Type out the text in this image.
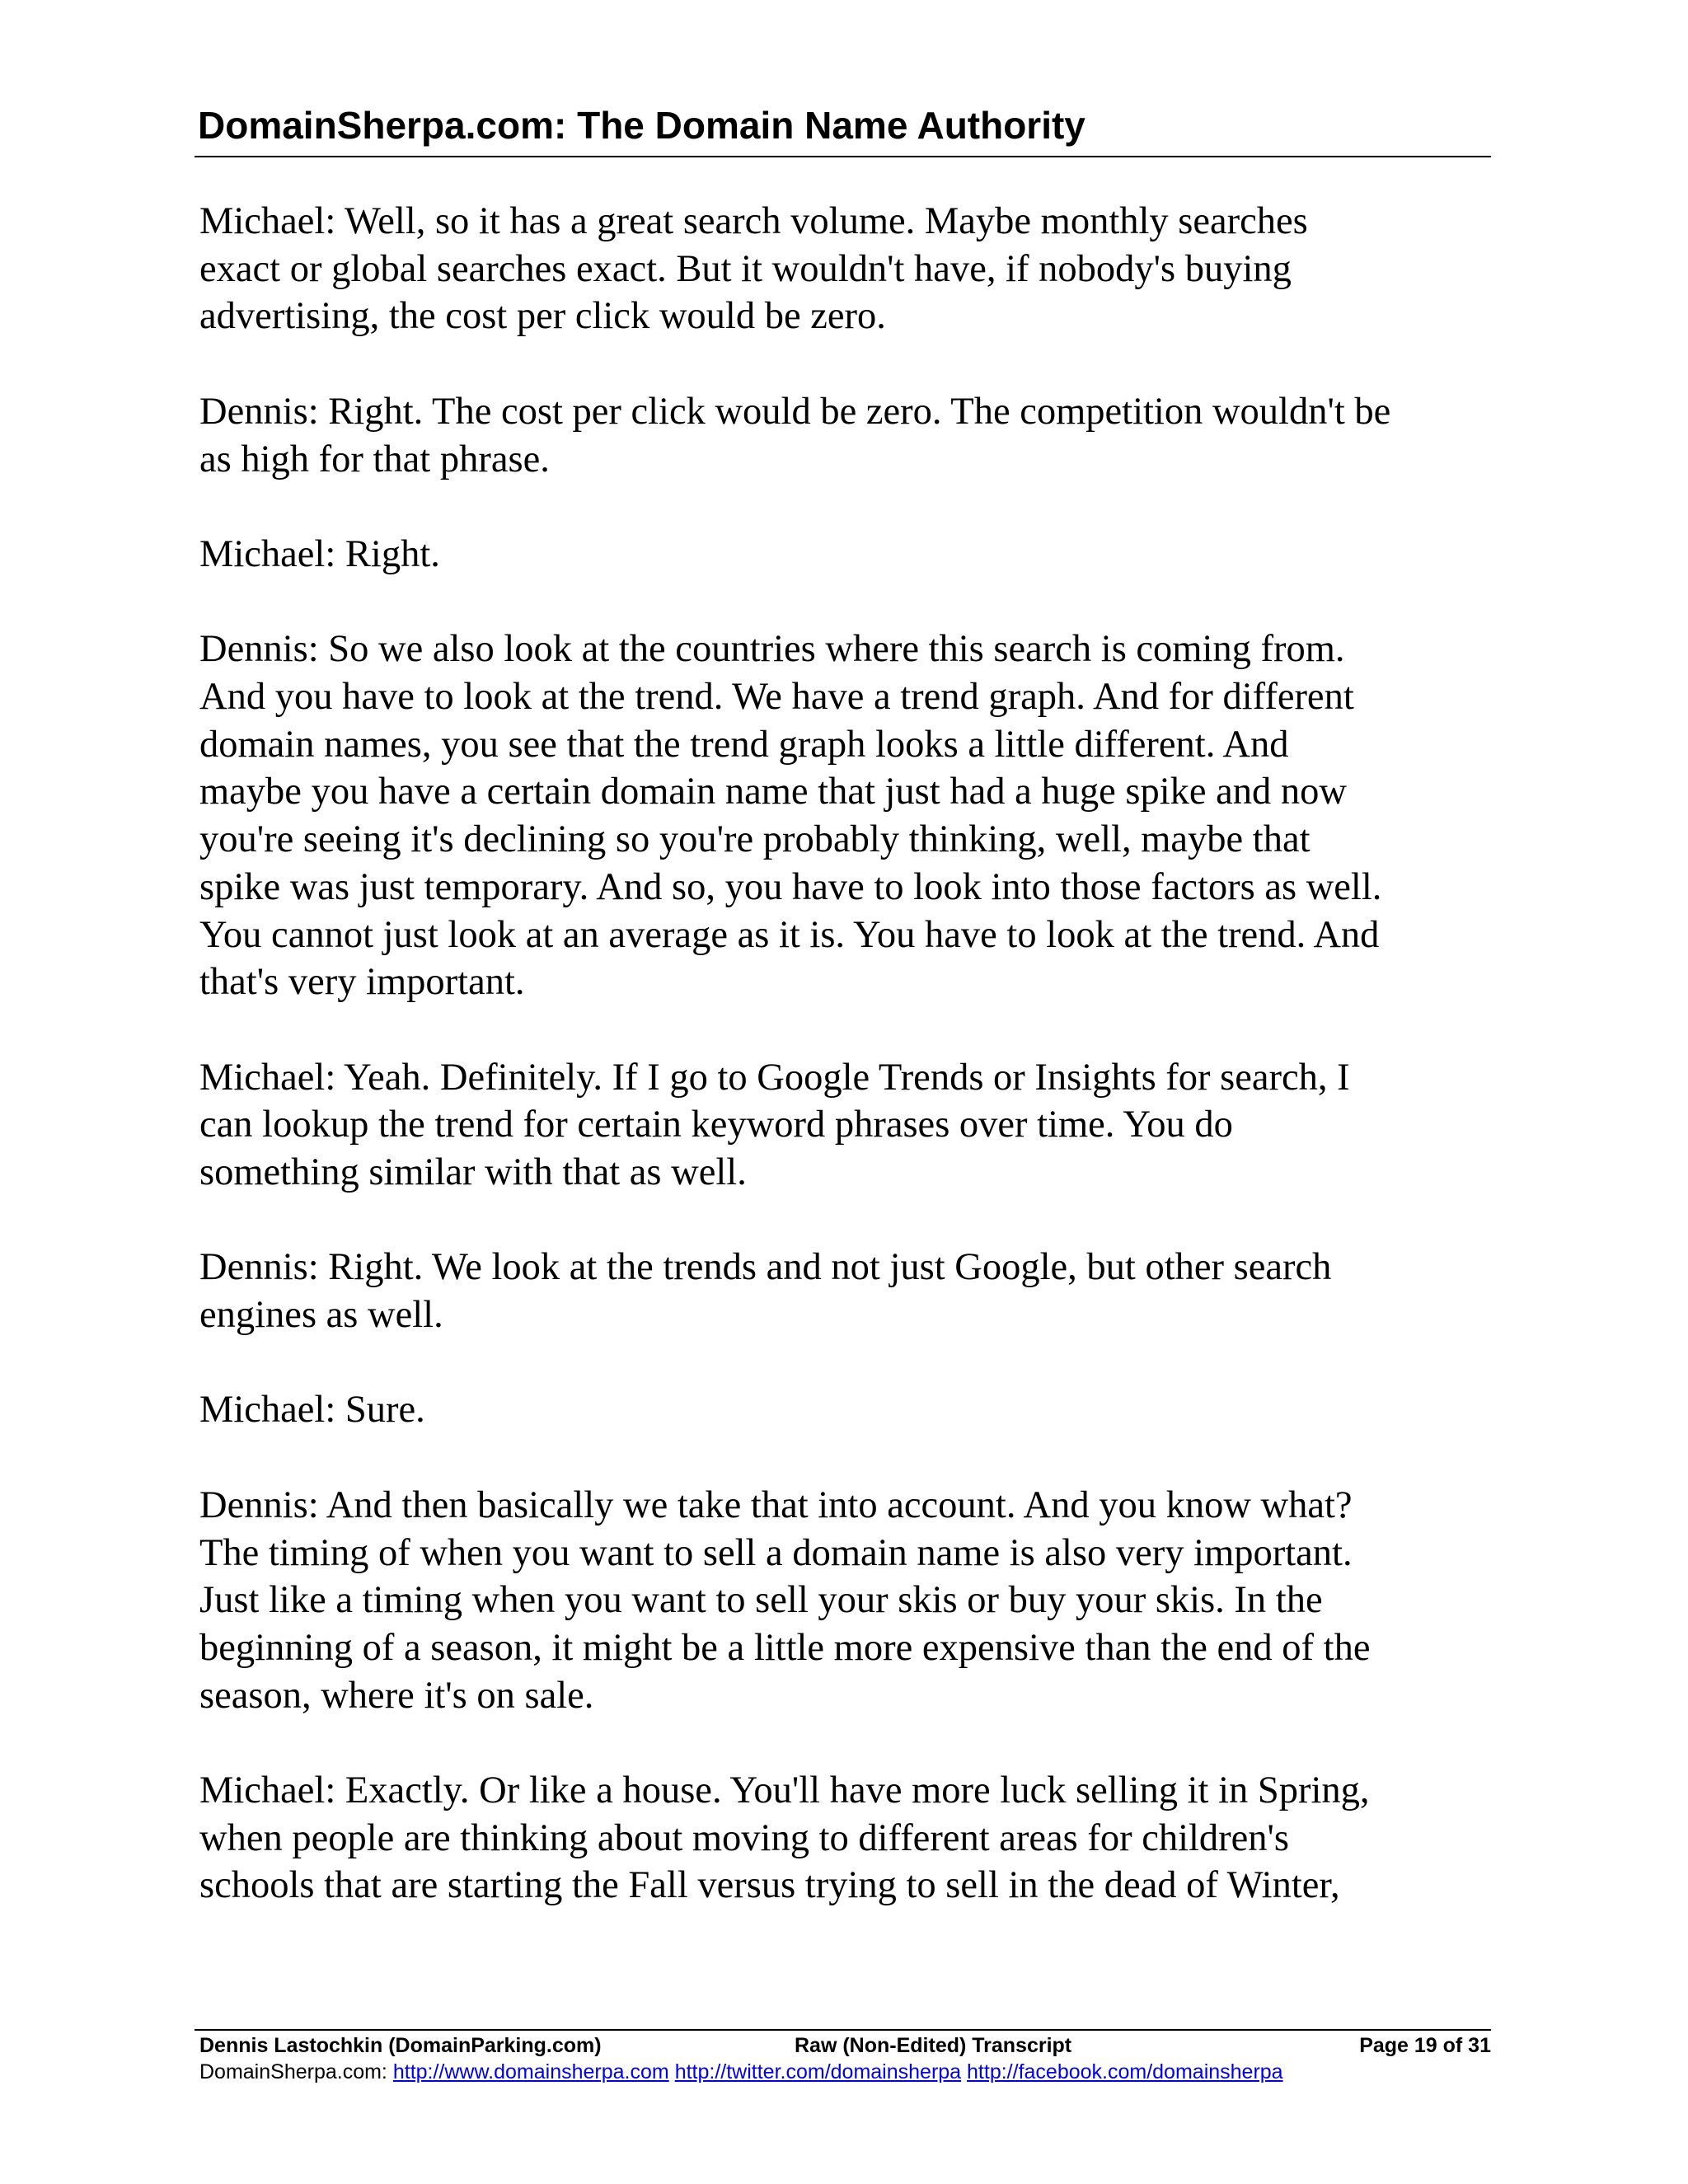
DomainSherpa.com: The Domain Name Authority

Michael: Well, so it has a great search volume. Maybe monthly searches
exact or global searches exact. But it wouldn't have, if nobody's buying
advertising, the cost per click would be zero.

Dennis: Right. The cost per click would be zero. The competition wouldn't be
as high for that phrase.

Michael: Right.

Dennis: So we also look at the countries where this search is coming from.
And you have to look at the trend. We have a trend graph. And for different
domain names, you see that the trend graph looks a little different. And
maybe you have a certain domain name that just had a huge spike and now
you're seeing it's declining so you're probably thinking, well, maybe that
spike was just temporary. And so, you have to look into those factors as well.
You cannot just look at an average as it is. You have to look at the trend. And
that's very important.

Michael: Yeah. Definitely. If I go to Google Trends or Insights for search, I
can lookup the trend for certain keyword phrases over time. You do
something similar with that as well.

Dennis: Right. We look at the trends and not just Google, but other search
engines as well.

Michael: Sure.

Dennis: And then basically we take that into account. And you know what?
The timing of when you want to sell a domain name is also very important.
Just like a timing when you want to sell your skis or buy your skis. In the
beginning of a season, it might be a little more expensive than the end of the
season, where it's on sale.

Michael: Exactly. Or like a house. You'll have more luck selling it in Spring,
when people are thinking about moving to different areas for children's
schools that are starting the Fall versus trying to sell in the dead of Winter,

Dennis Lastochkin (DomainParking.com)	Raw (Non-Edited) Transcript	Page 19 of 31
DomainSherpa.com: http://www.domainsherpa.com http://twitter.com/domainsherpa http://facebook.com/domainsherpa
